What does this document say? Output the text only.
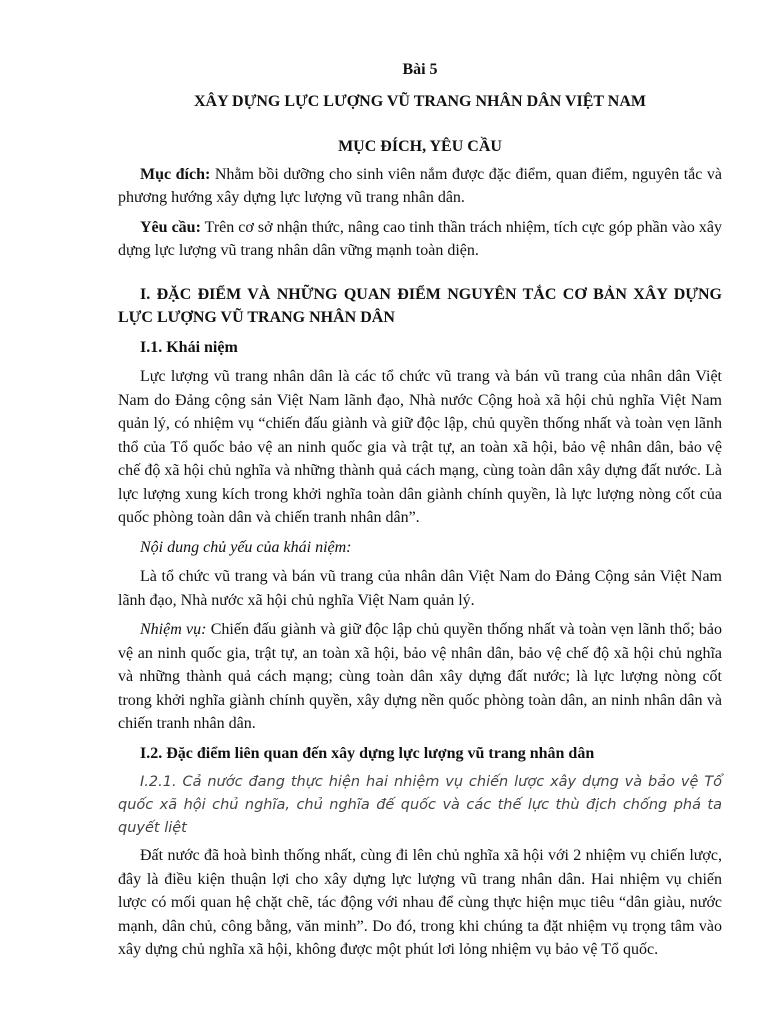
Bài 5
XÂY DỰNG LỰC LƯỢNG VŨ TRANG NHÂN DÂN VIỆT NAM
MỤC ĐÍCH, YÊU CẦU

Mục đích: Nhằm bồi dưỡng cho sinh viên nắm được đặc điểm, quan điểm, nguyên tắc và phương hướng xây dựng lực lượng vũ trang nhân dân.

Yêu cầu: Trên cơ sở nhận thức, nâng cao tinh thần trách nhiệm, tích cực góp phần vào xây dựng lực lượng vũ trang nhân dân vững mạnh toàn diện.

I. ĐẶC ĐIỂM VÀ NHỮNG QUAN ĐIỂM NGUYÊN TẮC CƠ BẢN XÂY DỰNG LỰC LƯỢNG VŨ TRANG NHÂN DÂN
I.1. Khái niệm

Lực lượng vũ trang nhân dân là các tổ chức vũ trang và bán vũ trang của nhân dân Việt Nam do Đảng cộng sản Việt Nam lãnh đạo, Nhà nước Cộng hoà xã hội chủ nghĩa Việt Nam quản lý, có nhiệm vụ “chiến đấu giành và giữ độc lập, chủ quyền thống nhất và toàn vẹn lãnh thổ của Tổ quốc bảo vệ an ninh quốc gia và trật tự, an toàn xã hội, bảo vệ nhân dân, bảo vệ chế độ xã hội chủ nghĩa và những thành quả cách mạng, cùng toàn dân xây dựng đất nước. Là lực lượng xung kích trong khởi nghĩa toàn dân giành chính quyền, là lực lượng nòng cốt của quốc phòng toàn dân và chiến tranh nhân dân”.

Nội dung chủ yếu của khái niệm:

Là tổ chức vũ trang và bán vũ trang của nhân dân Việt Nam do Đảng Cộng sản Việt Nam lãnh đạo, Nhà nước xã hội chủ nghĩa Việt Nam quản lý.

Nhiệm vụ: Chiến đấu giành và giữ độc lập chủ quyền thống nhất và toàn vẹn lãnh thổ; bảo vệ an ninh quốc gia, trật tự, an toàn xã hội, bảo vệ nhân dân, bảo vệ chế độ xã hội chủ nghĩa và những thành quả cách mạng; cùng toàn dân xây dựng đất nước; là lực lượng nòng cốt trong khởi nghĩa giành chính quyền, xây dựng nền quốc phòng toàn dân, an ninh nhân dân và chiến tranh nhân dân.

I.2. Đặc điểm liên quan đến xây dựng lực lượng vũ trang nhân dân

I.2.1. Cả nước đang thực hiện hai nhiệm vụ chiến lược xây dựng và bảo vệ Tổ quốc xã hội chủ nghĩa, chủ nghĩa đế quốc và các thế lực thù địch chống phá ta quyết liệt

Đất nước đã hoà bình thống nhất, cùng đi lên chủ nghĩa xã hội với 2 nhiệm vụ chiến lược, đây là điều kiện thuận lợi cho xây dựng lực lượng vũ trang nhân dân. Hai nhiệm vụ chiến lược có mối quan hệ chặt chẽ, tác động với nhau để cùng thực hiện mục tiêu “dân giàu, nước mạnh, dân chủ, công bằng, văn minh”. Do đó, trong khi chúng ta đặt nhiệm vụ trọng tâm vào xây dựng chủ nghĩa xã hội, không được một phút lơi lỏng nhiệm vụ bảo vệ Tổ quốc.
